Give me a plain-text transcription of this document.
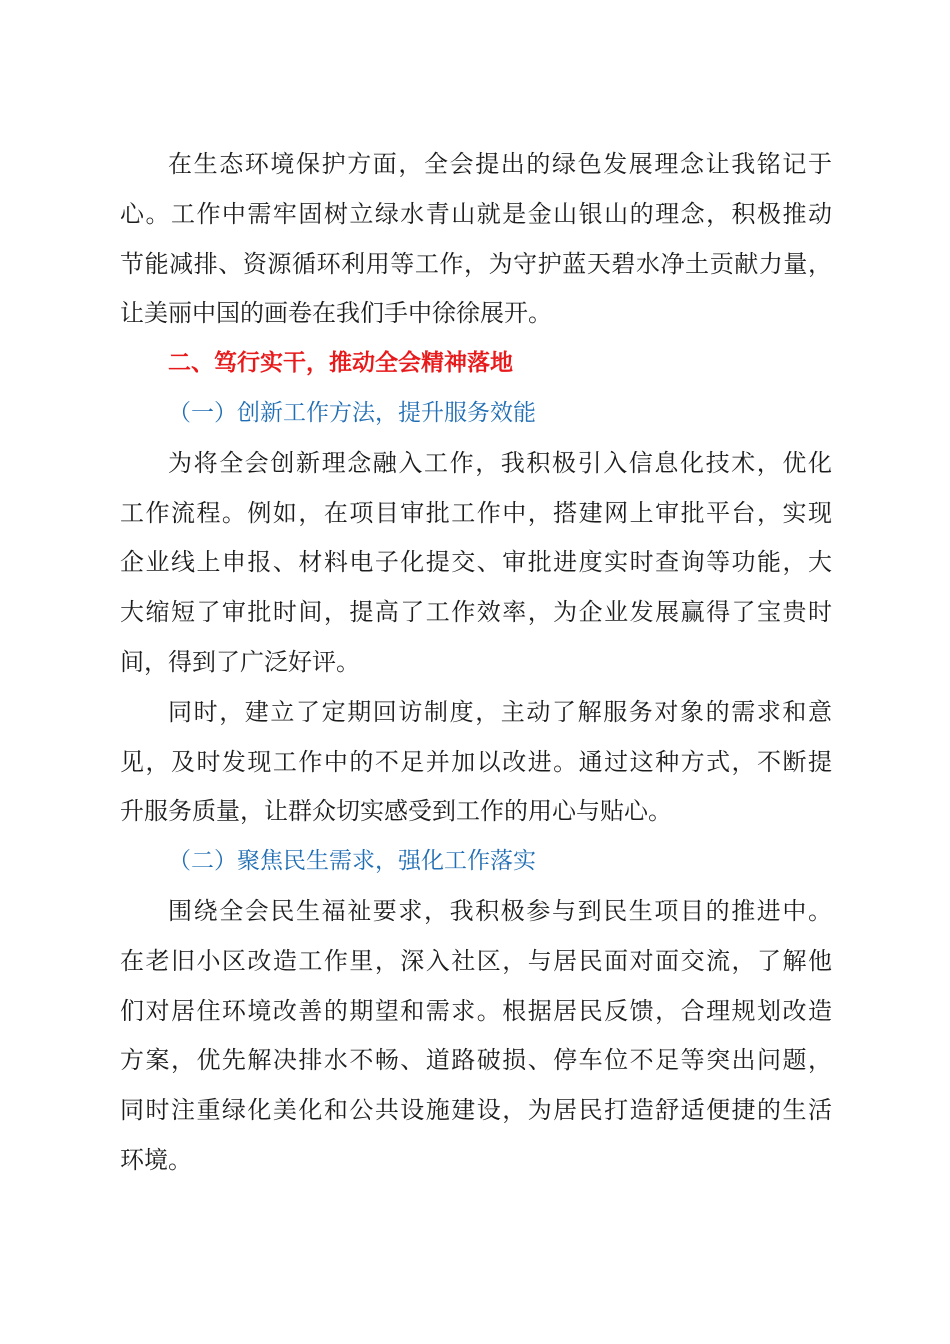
在生态环境保护方面，全会提出的绿色发展理念让我铭记于
心。工作中需牢固树立绿水青山就是金山银山的理念，积极推动
节能减排、资源循环利用等工作，为守护蓝天碧水净土贡献力量，
让美丽中国的画卷在我们手中徐徐展开。
二、笃行实干，推动全会精神落地
（一）创新工作方法，提升服务效能
为将全会创新理念融入工作，我积极引入信息化技术，优化
工作流程。例如，在项目审批工作中，搭建网上审批平台，实现
企业线上申报、材料电子化提交、审批进度实时查询等功能，大
大缩短了审批时间，提高了工作效率，为企业发展赢得了宝贵时
间，得到了广泛好评。
同时，建立了定期回访制度，主动了解服务对象的需求和意
见，及时发现工作中的不足并加以改进。通过这种方式，不断提
升服务质量，让群众切实感受到工作的用心与贴心。
（二）聚焦民生需求，强化工作落实
围绕全会民生福祉要求，我积极参与到民生项目的推进中。
在老旧小区改造工作里，深入社区，与居民面对面交流，了解他
们对居住环境改善的期望和需求。根据居民反馈，合理规划改造
方案，优先解决排水不畅、道路破损、停车位不足等突出问题，
同时注重绿化美化和公共设施建设，为居民打造舒适便捷的生活
环境。
